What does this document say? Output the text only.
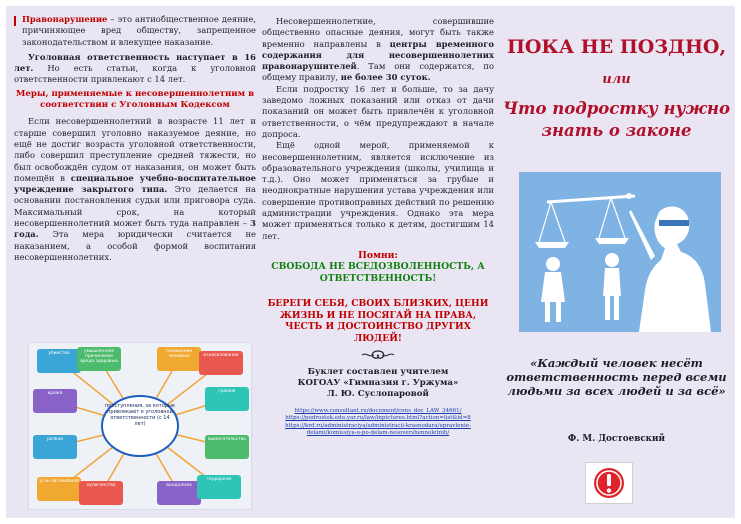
Правонарушение – это антиобщественное деяние, причиняющее вред обществу, запрещенное законодательством и влекущее наказание.

Уголовная ответственность наступает в 16 лет. Но есть статьи, когда к уголовной ответственности привлекают с 14 лет.

Меры, применяемые к несовершеннолетним в соответствии с Уголовным Кодексом

Если несовершеннолетний в возрасте 11 лет и старше совершил уголовно наказуемое деяние, но ещё не достиг возраста уголовной ответственности, либо совершил преступление средней тяжести, но был освобождён судом от наказания, он может быть помещён в специальное учебно-воспитательное учреждение закрытого типа. Это делается на основании постановления судьи или приговора суда. Максимальный срок, на который несовершеннолетний может быть туда направлен – 3 года. Эта мера юридически считается не наказанием, а особой формой воспитания несовершеннолетних.

убийство	умышленное причинение вреда здоровью
похищение человека	изнасилование
кража	грабеж
разбой	вымогательство
угон автомобиля
хулиганство	вандализм
терроризм
преступления, за которые привлекают к уголовной ответственности (с 14 лет)

Несовершеннолетние, совершившие общественно опасные деяния, могут быть также временно направлены в центры временного содержания для несовершеннолетних правонарушителей. Там они содержатся, по общему правилу, не более 30 суток.

Если подростку 16 лет и больше, то за дачу заведомо ложных показаний или отказ от дачи показаний он может быть привлечён к уголовной ответственности, о чём предупреждают в начале допроса.

Ещё одной мерой, применяемой к несовершеннолетним, является исключение из образовательного учреждения (школы, училища и т.д.). Оно может применяться за грубые и неоднократные нарушения устава учреждения или совершение противоправных действий по решению администрации учреждения. Однако эта мера может применяться только к детям, достигшим 14 лет.

Помни:

СВОБОДА НЕ ВСЕДОЗВОЛЕННОСТЬ, А ОТВЕТСТВЕННОСТЬ!

БЕРЕГИ СЕБЯ, СВОИХ БЛИЗКИХ, ЦЕНИ ЖИЗНЬ И НЕ ПОСЯГАЙ НА ПРАВА, ЧЕСТЬ И ДОСТОИНСТВО ДРУГИХ ЛЮДЕЙ!

Буклет составлен учителем
КОГОАУ «Гимназия г. Уржума»
Л. Ю. Суслопаровой
https://www.consultant.ru/document/cons_doc_LAW_34661/
https://podrostok.edu.yar.ru/law/inpictures.html?action=list&id=8
https://krd.ru/administraciya/administracii-krasnodara/upravlenie-delami/komissiya-o-po-delam-nesovershennoletnih/
ПОКА НЕ ПОЗДНО,
или
Что подростку нужно знать о законе
«Каждый человек несёт ответственность перед всеми людьми за всех людей и за всё»
Ф. М. Достоевский
